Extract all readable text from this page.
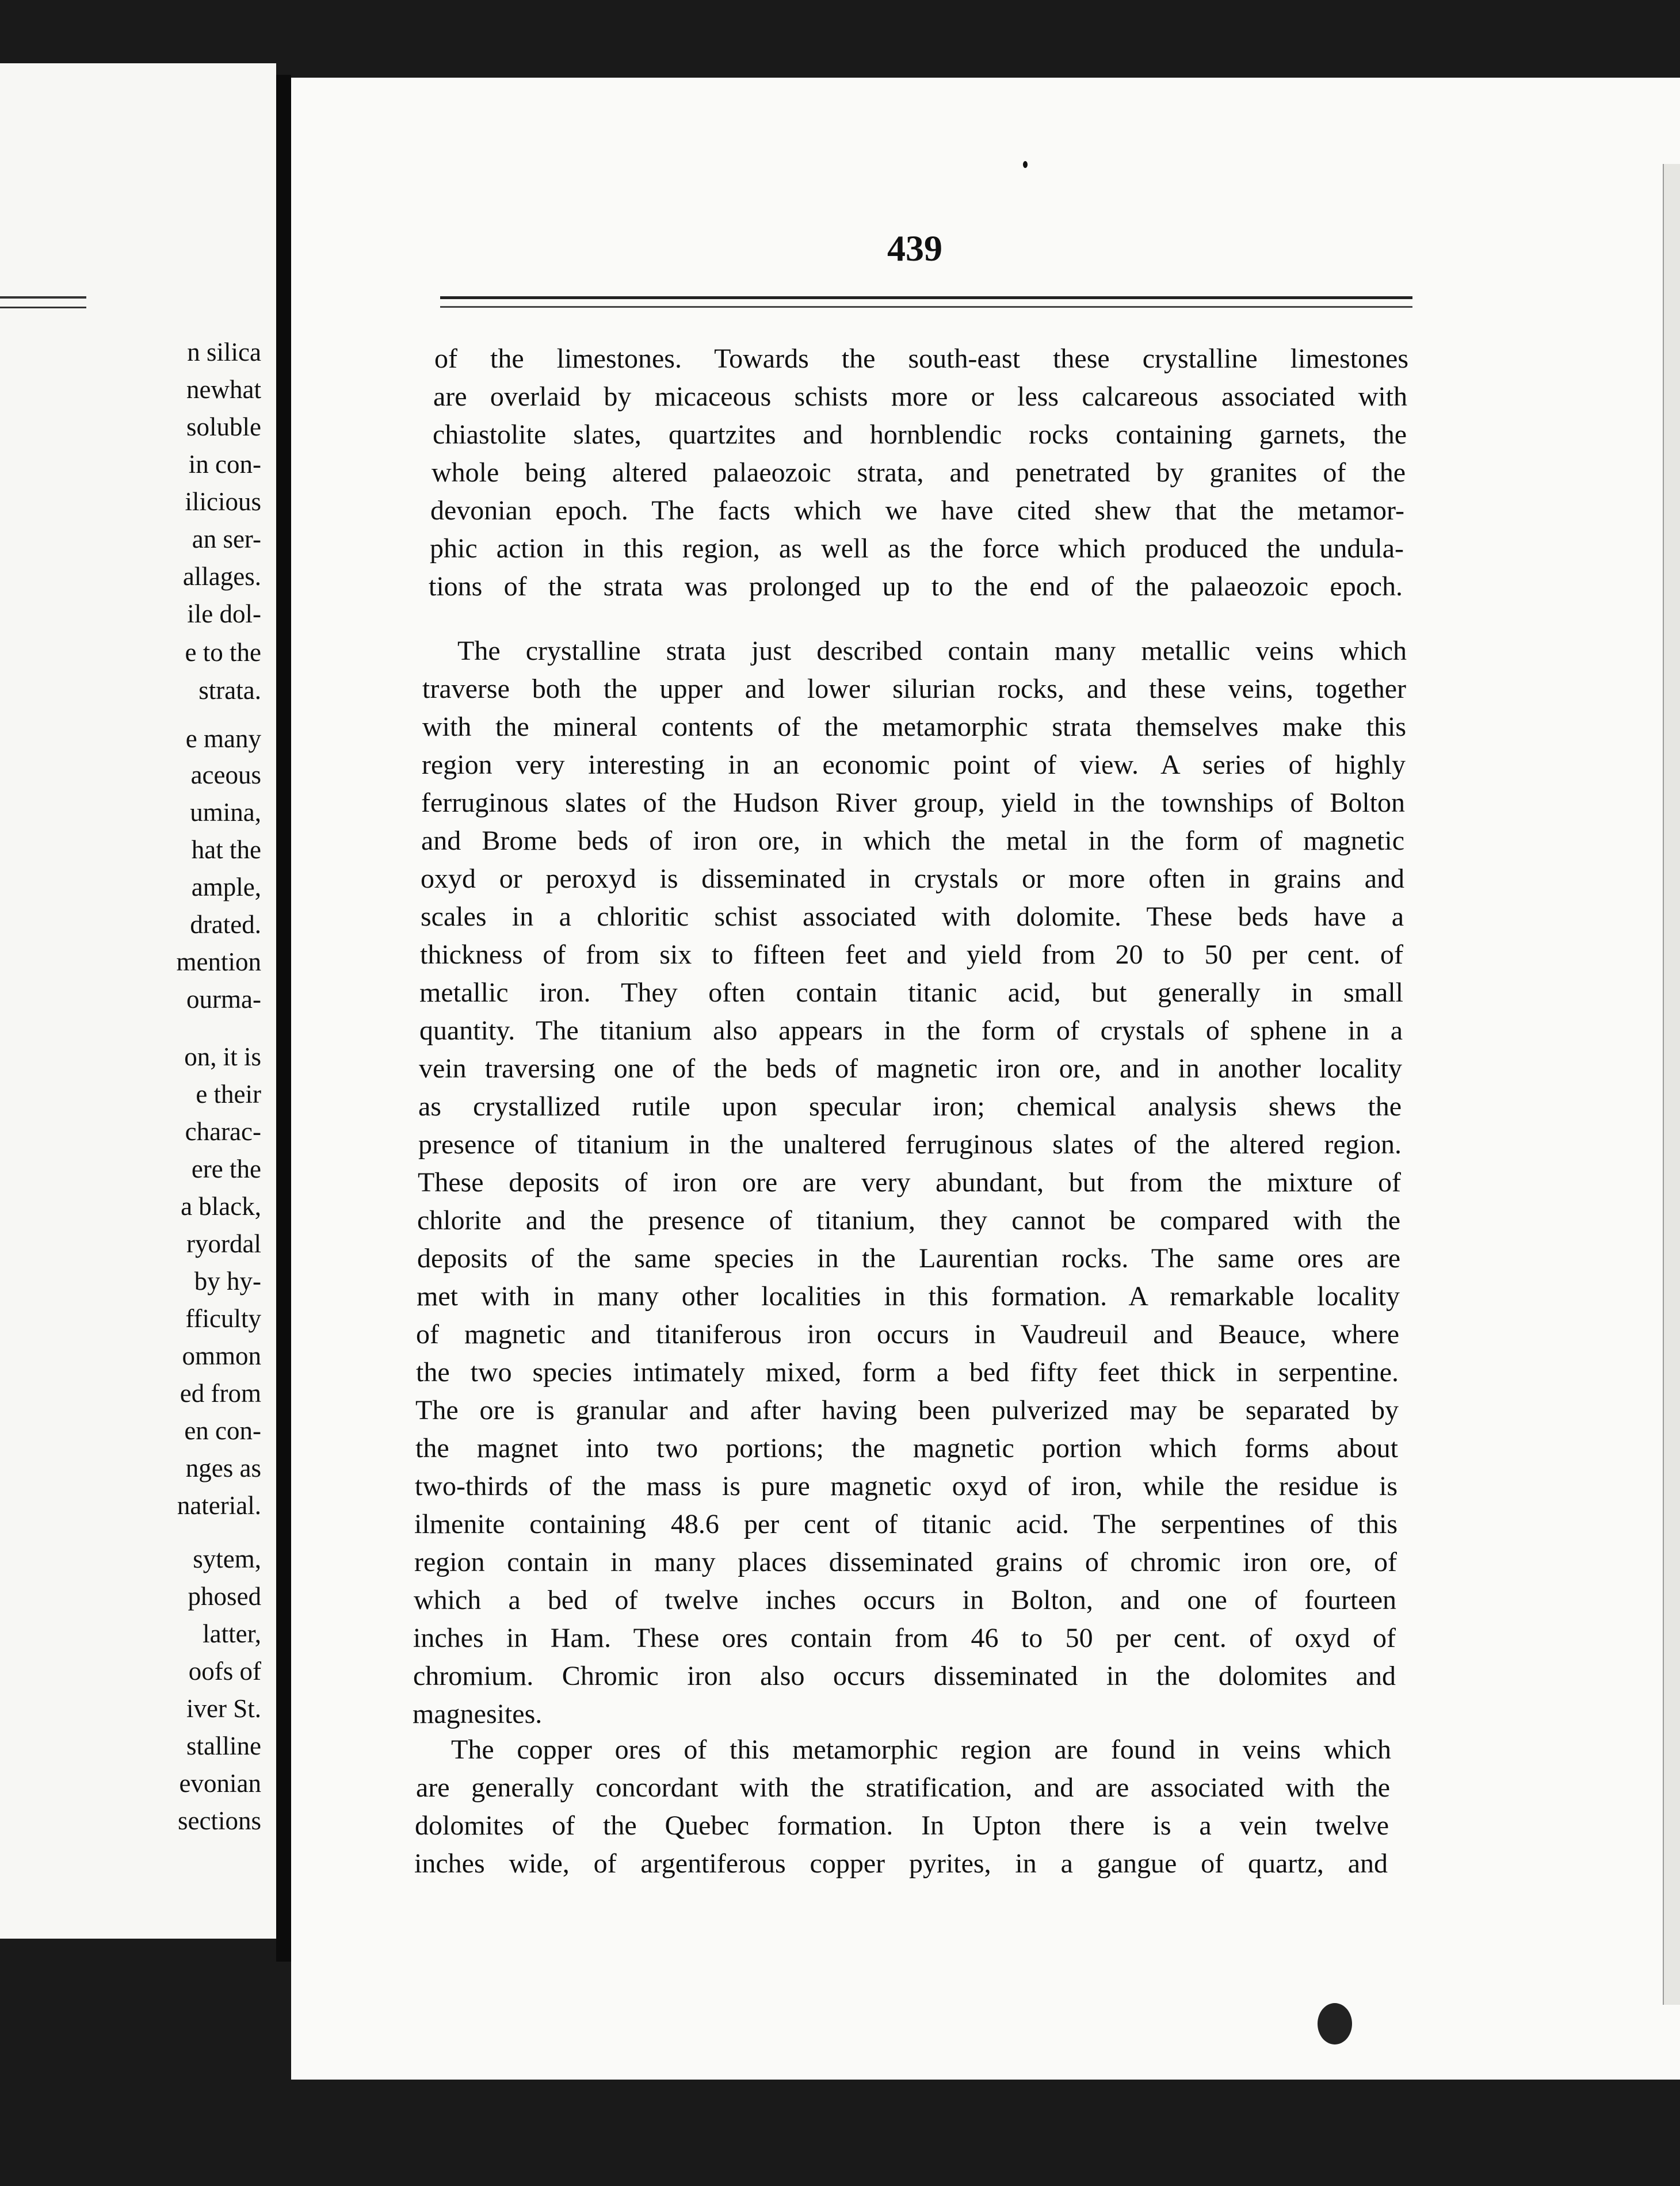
439

n silica

newhat

soluble

in con-

ilicious

an ser-

allages.

ile dol-

e to the

strata.

e many

aceous

umina,

hat the

ample,

drated.

mention

ourma-

on, it is

e their

charac-

ere the

a black,

ryordal

by hy-

fficulty

ommon

ed from

en con-

nges as

naterial.

sytem,

phosed

latter,

oofs of

iver St.

stalline

evonian

sections

of the limestones. Towards the south-east these crystalline limestones

are overlaid by micaceous schists more or less calcareous associated with

chiastolite slates, quartzites and hornblendic rocks containing garnets, the

whole being altered palaeozoic strata, and penetrated by granites of the

devonian epoch. The facts which we have cited shew that the metamor-

phic action in this region, as well as the force which produced the undula-

tions of the strata was prolonged up to the end of the palaeozoic epoch.

The crystalline strata just described contain many metallic veins which

traverse both the upper and lower silurian rocks, and these veins, together

with the mineral contents of the metamorphic strata themselves make this

region very interesting in an economic point of view. A series of highly

ferruginous slates of the Hudson River group, yield in the townships of Bolton

and Brome beds of iron ore, in which the metal in the form of magnetic

oxyd or peroxyd is disseminated in crystals or more often in grains and

scales in a chloritic schist associated with dolomite. These beds have a

thickness of from six to fifteen feet and yield from 20 to 50 per cent. of

metallic iron. They often contain titanic acid, but generally in small

quantity. The titanium also appears in the form of crystals of sphene in a

vein traversing one of the beds of magnetic iron ore, and in another locality

as crystallized rutile upon specular iron; chemical analysis shews the

presence of titanium in the unaltered ferruginous slates of the altered region.

These deposits of iron ore are very abundant, but from the mixture of

chlorite and the presence of titanium, they cannot be compared with the

deposits of the same species in the Laurentian rocks. The same ores are

met with in many other localities in this formation. A remarkable locality

of magnetic and titaniferous iron occurs in Vaudreuil and Beauce, where

the two species intimately mixed, form a bed fifty feet thick in serpentine.

The ore is granular and after having been pulverized may be separated by

the magnet into two portions; the magnetic portion which forms about

two-thirds of the mass is pure magnetic oxyd of iron, while the residue is

ilmenite containing 48.6 per cent of titanic acid. The serpentines of this

region contain in many places disseminated grains of chromic iron ore, of

which a bed of twelve inches occurs in Bolton, and one of fourteen

inches in Ham. These ores contain from 46 to 50 per cent. of oxyd of

chromium. Chromic iron also occurs disseminated in the dolomites and

magnesites.

The copper ores of this metamorphic region are found in veins which

are generally concordant with the stratification, and are associated with the

dolomites of the Quebec formation. In Upton there is a vein twelve

inches wide, of argentiferous copper pyrites, in a gangue of quartz, and
